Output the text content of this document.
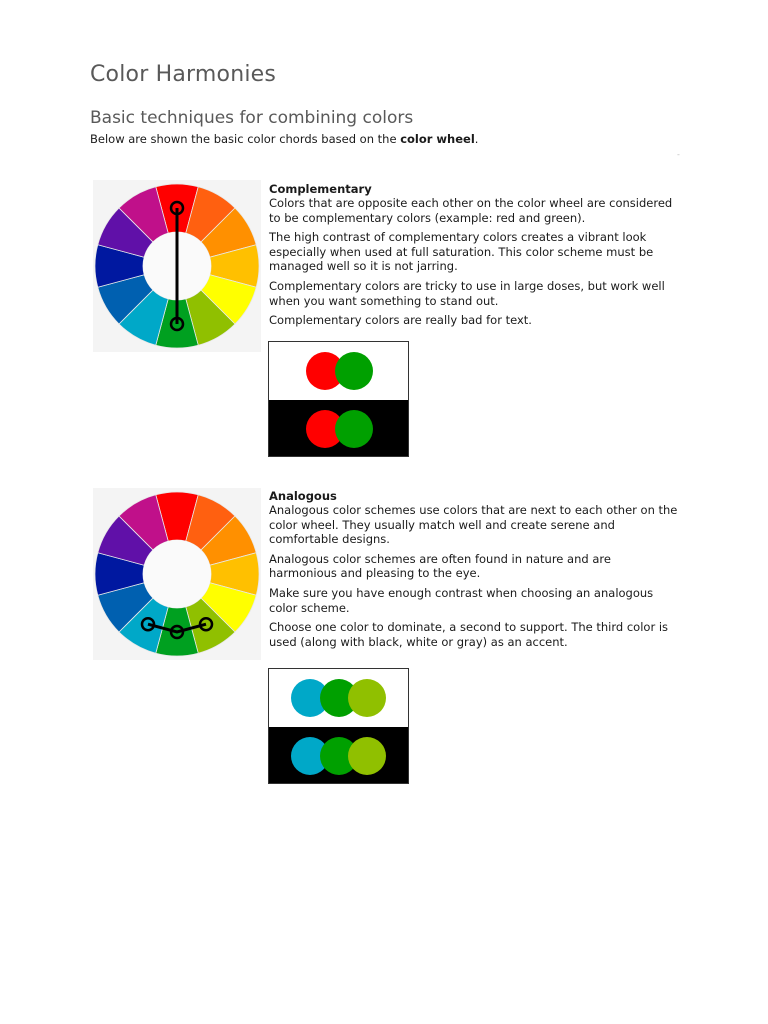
Color Harmonies
Basic techniques for combining colors

Below are shown the basic color chords based on the color wheel.

-
Complementary

Colors that are opposite each other on the color wheel are considered to be complementary colors (example: red and green).

The high contrast of complementary colors creates a vibrant look especially when used at full saturation. This color scheme must be managed well so it is not jarring.

Complementary colors are tricky to use in large doses, but work well when you want something to stand out.

Complementary colors are really bad for text.

Analogous

Analogous color schemes use colors that are next to each other on the color wheel. They usually match well and create serene and comfortable designs.

Analogous color schemes are often found in nature and are harmonious and pleasing to the eye.

Make sure you have enough contrast when choosing an analogous color scheme.

Choose one color to dominate, a second to support. The third color is used (along with black, white or gray) as an accent.
